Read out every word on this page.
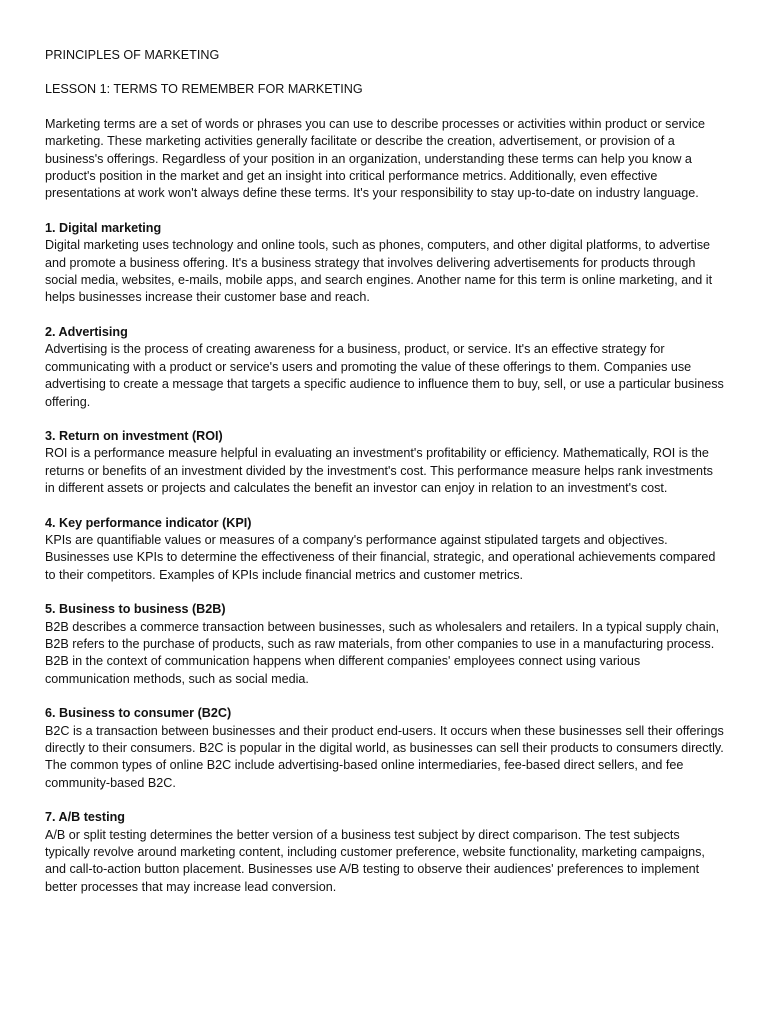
PRINCIPLES OF MARKETING

LESSON 1: TERMS TO REMEMBER FOR MARKETING

Marketing terms are a set of words or phrases you can use to describe processes or activities within product or service marketing. These marketing activities generally facilitate or describe the creation, advertisement, or provision of a business's offerings. Regardless of your position in an organization, understanding these terms can help you know a product's position in the market and get an insight into critical performance metrics. Additionally, even effective presentations at work won't always define these terms. It's your responsibility to stay up-to-date on industry language.

1. Digital marketing

Digital marketing uses technology and online tools, such as phones, computers, and other digital platforms, to advertise and promote a business offering. It's a business strategy that involves delivering advertisements for products through social media, websites, e-mails, mobile apps, and search engines. Another name for this term is online marketing, and it helps businesses increase their customer base and reach.

2. Advertising

Advertising is the process of creating awareness for a business, product, or service. It's an effective strategy for communicating with a product or service's users and promoting the value of these offerings to them. Companies use advertising to create a message that targets a specific audience to influence them to buy, sell, or use a particular business offering.

3. Return on investment (ROI)

ROI is a performance measure helpful in evaluating an investment's profitability or efficiency. Mathematically, ROI is the returns or benefits of an investment divided by the investment's cost. This performance measure helps rank investments in different assets or projects and calculates the benefit an investor can enjoy in relation to an investment's cost.

4. Key performance indicator (KPI)

KPIs are quantifiable values or measures of a company's performance against stipulated targets and objectives. Businesses use KPIs to determine the effectiveness of their financial, strategic, and operational achievements compared to their competitors. Examples of KPIs include financial metrics and customer metrics.

5. Business to business (B2B)

B2B describes a commerce transaction between businesses, such as wholesalers and retailers. In a typical supply chain, B2B refers to the purchase of products, such as raw materials, from other companies to use in a manufacturing process. B2B in the context of communication happens when different companies' employees connect using various communication methods, such as social media.

6. Business to consumer (B2C)

B2C is a transaction between businesses and their product end-users. It occurs when these businesses sell their offerings directly to their consumers. B2C is popular in the digital world, as businesses can sell their products to consumers directly. The common types of online B2C include advertising-based online intermediaries, fee-based direct sellers, and fee community-based B2C.

7. A/B testing

A/B or split testing determines the better version of a business test subject by direct comparison. The test subjects typically revolve around marketing content, including customer preference, website functionality, marketing campaigns, and call-to-action button placement. Businesses use A/B testing to observe their audiences' preferences to implement better processes that may increase lead conversion.
